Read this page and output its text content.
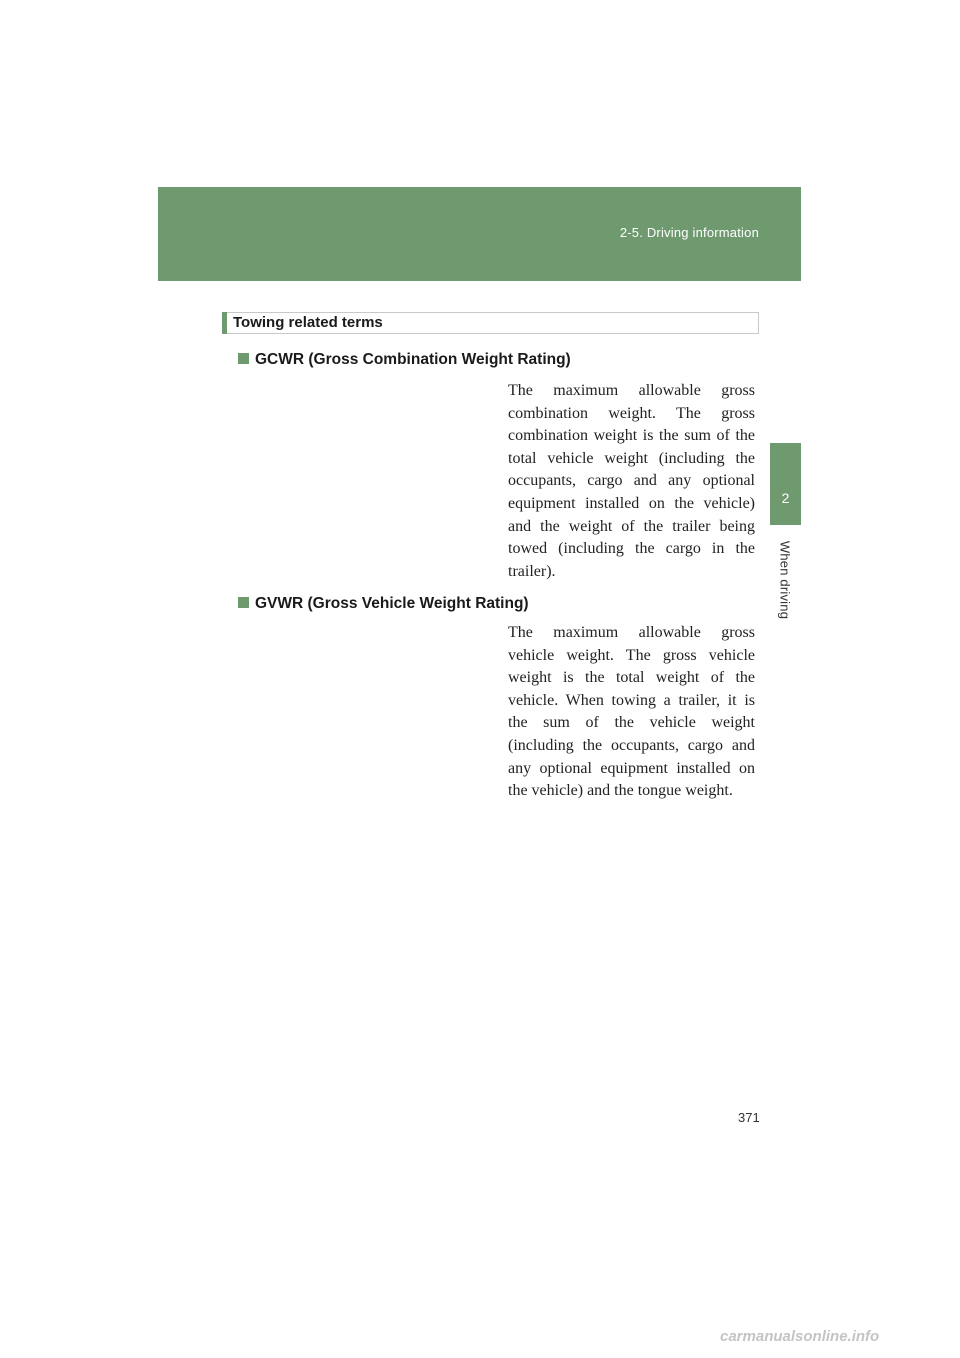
2-5. Driving information
2
When driving
Towing related terms
GCWR (Gross Combination Weight Rating)

The maximum allowable gross combination weight. The gross combination weight is the sum of the total vehicle weight (including the occupants, cargo and any optional equipment installed on the vehicle) and the weight of the trailer being towed (including the cargo in the trailer).

GVWR (Gross Vehicle Weight Rating)

The maximum allowable gross vehicle weight. The gross vehicle weight is the total weight of the vehicle. When towing a trailer, it is the sum of the vehicle weight (including the occupants, cargo and any optional equipment installed on the vehicle) and the tongue weight.

371
carmanualsonline.info
